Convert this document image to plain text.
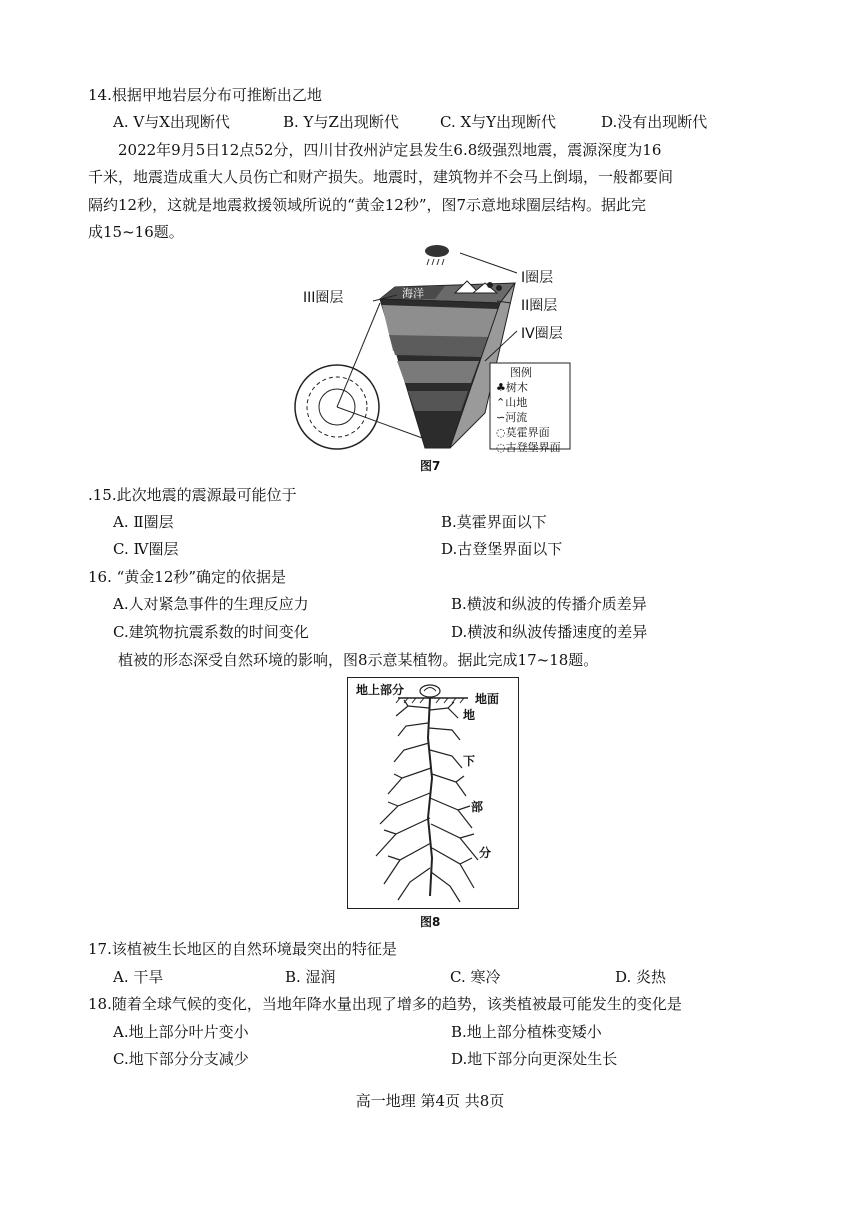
14.根据甲地岩层分布可推断出乙地
A. V与X出现断代	B. Y与Z出现断代	C. X与Y出现断代	D.没有出现断代
2022年9月5日12点52分，四川甘孜州泸定县发生6.8级强烈地震，震源深度为16
千米，地震造成重大人员伤亡和财产损失。地震时，建筑物并不会马上倒塌，一般都要间
隔约12秒，这就是地震救援领域所说的“黄金12秒”，图7示意地球圈层结构。据此完
成15~16题。
海洋
I圈层
II圈层
III圈层
IV圈层
图例
♣树木
⌃山地
∽河流
◌莫霍界面
◌古登堡界面
图7
.15.此次地震的震源最可能位于
A. Ⅱ圈层	B.莫霍界面以下
C. Ⅳ圈层	D.古登堡界面以下
16. “黄金12秒”确定的依据是
A.人对紧急事件的生理反应力	B.横波和纵波的传播介质差异
C.建筑物抗震系数的时间变化	D.横波和纵波传播速度的差异
植被的形态深受自然环境的影响，图8示意某植物。据此完成17~18题。
地上部分
地面
地
下
部
分
图8
17.该植被生长地区的自然环境最突出的特征是
A. 干旱	B. 湿润	C. 寒冷	D. 炎热
18.随着全球气候的变化，当地年降水量出现了增多的趋势，该类植被最可能发生的变化是
A.地上部分叶片变小	B.地上部分植株变矮小
C.地下部分分支减少	D.地下部分向更深处生长
高一地理 第4页 共8页
